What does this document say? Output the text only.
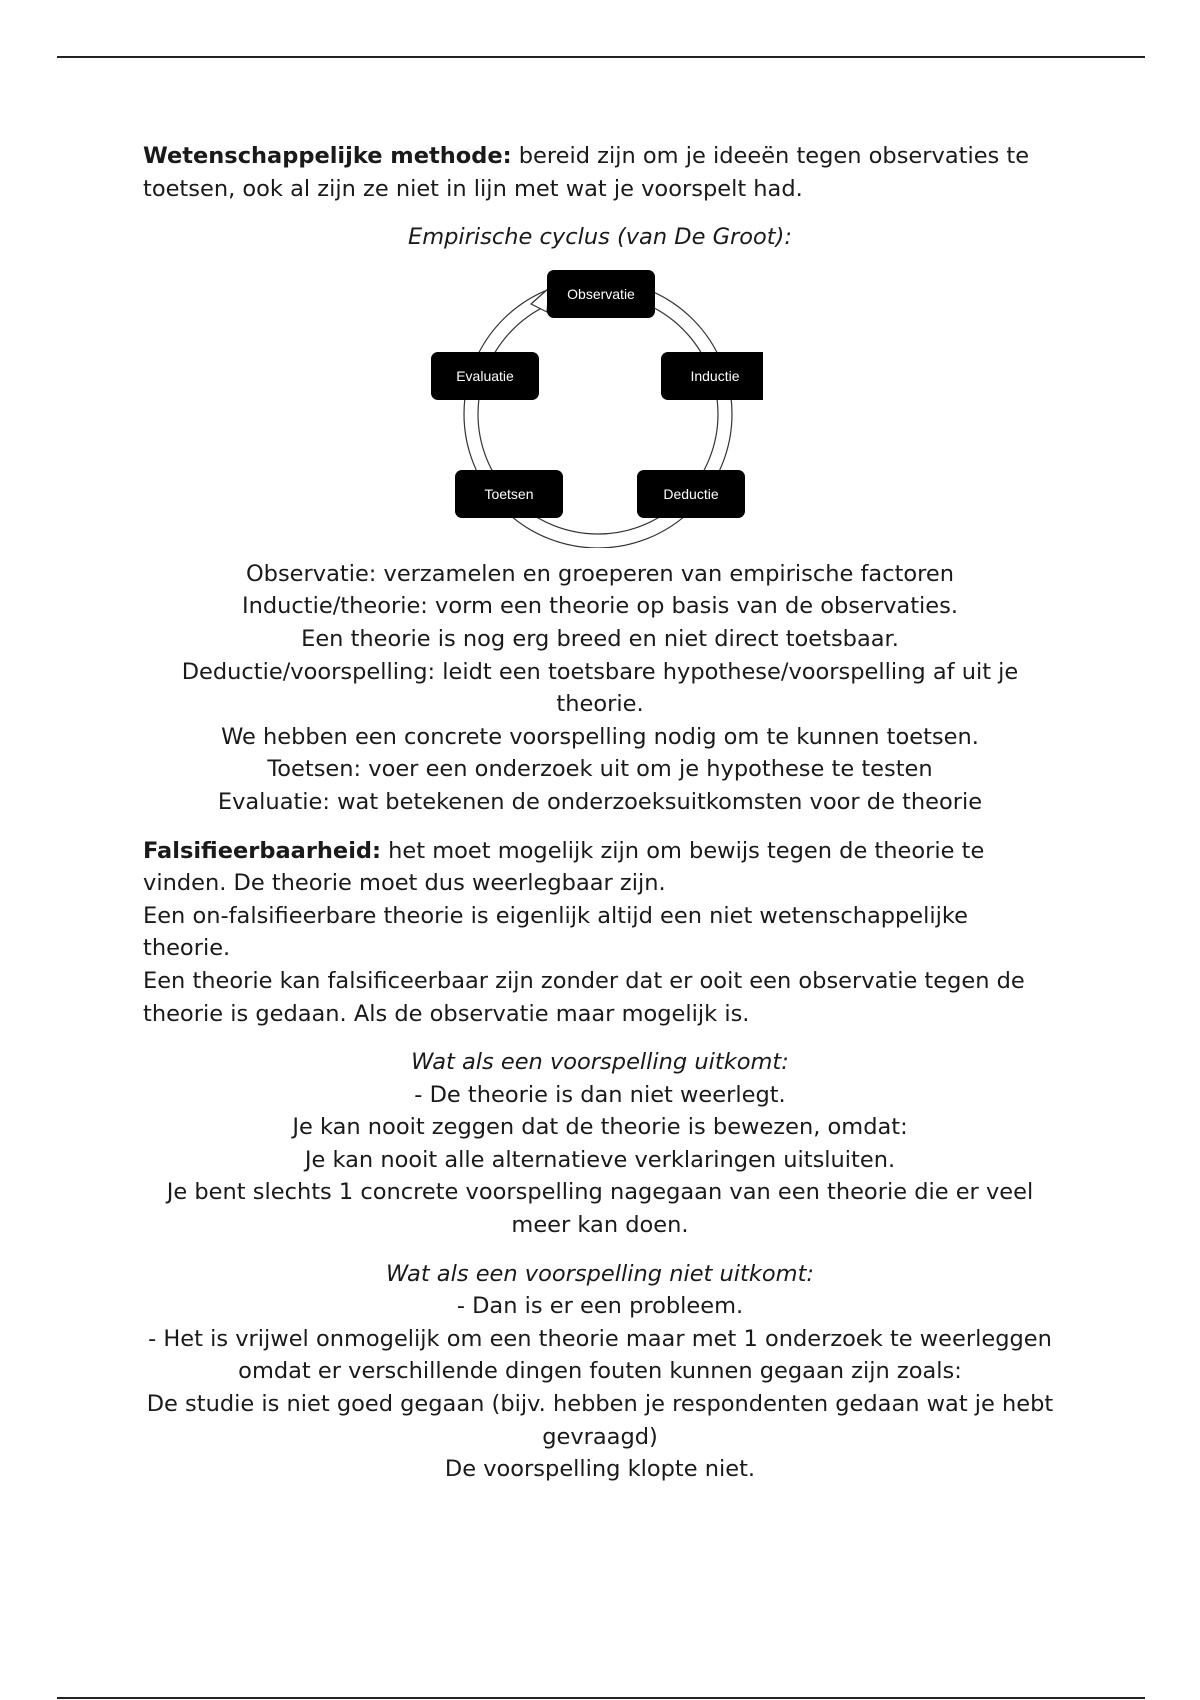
Wetenschappelijke methode: bereid zijn om je ideeën tegen observaties te toetsen, ook al zijn ze niet in lijn met wat je voorspelt had.

Empirische cyclus (van De Groot):

Observatie
Inductie
Deductie
Toetsen
Evaluatie
Observatie: verzamelen en groeperen van empirische factoren
Inductie/theorie: vorm een theorie op basis van de observaties.
Een theorie is nog erg breed en niet direct toetsbaar.
Deductie/voorspelling: leidt een toetsbare hypothese/voorspelling af uit je theorie.
We hebben een concrete voorspelling nodig om te kunnen toetsen.
Toetsen: voer een onderzoek uit om je hypothese te testen
Evaluatie: wat betekenen de onderzoeksuitkomsten voor de theorie
Falsifieerbaarheid: het moet mogelijk zijn om bewijs tegen de theorie te vinden. De theorie moet dus weerlegbaar zijn.
Een on-falsifieerbare theorie is eigenlijk altijd een niet wetenschappelijke theorie.
Een theorie kan falsificeerbaar zijn zonder dat er ooit een observatie tegen de theorie is gedaan. Als de observatie maar mogelijk is.
Wat als een voorspelling uitkomt:
- De theorie is dan niet weerlegt.
Je kan nooit zeggen dat de theorie is bewezen, omdat:
Je kan nooit alle alternatieve verklaringen uitsluiten.
Je bent slechts 1 concrete voorspelling nagegaan van een theorie die er veel meer kan doen.
Wat als een voorspelling niet uitkomt:
- Dan is er een probleem.
- Het is vrijwel onmogelijk om een theorie maar met 1 onderzoek te weerleggen omdat er verschillende dingen fouten kunnen gegaan zijn zoals:
De studie is niet goed gegaan (bijv. hebben je respondenten gedaan wat je hebt gevraagd)
De voorspelling klopte niet.
